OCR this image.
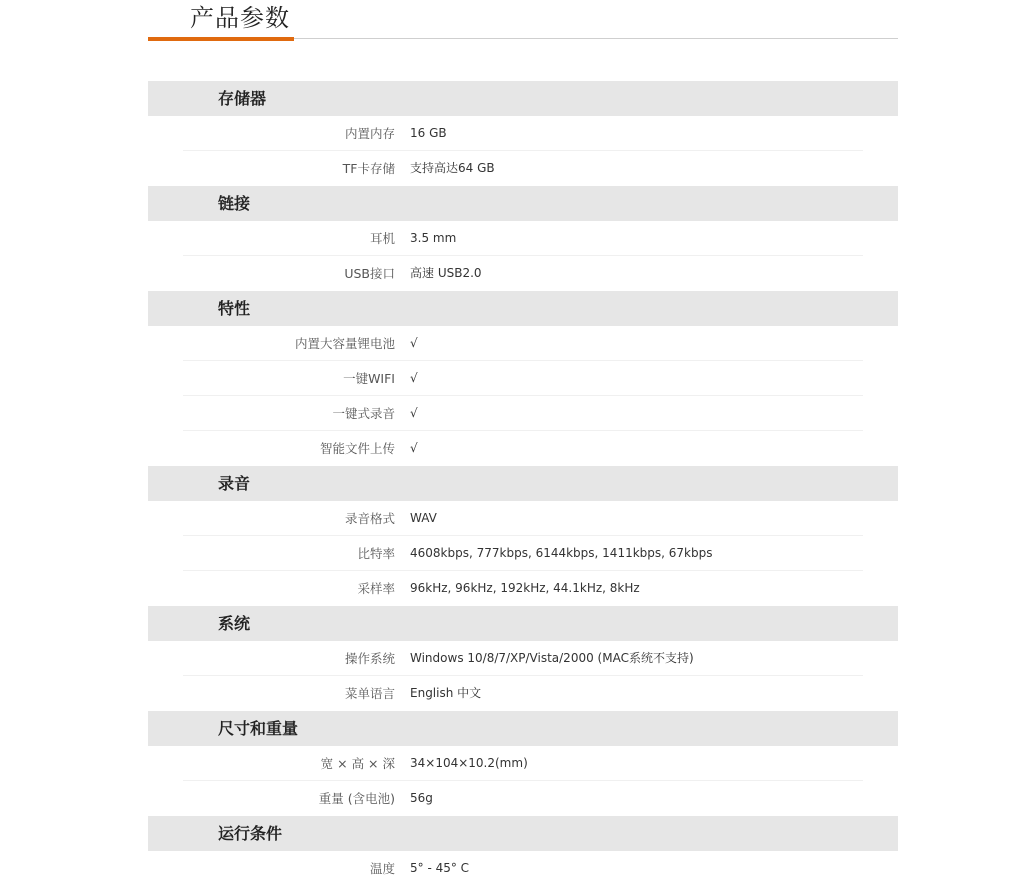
产品参数
存储器
内置内存 16 GB
TF卡存储 支持高达64 GB
链接
耳机 3.5 mm
USB接口 高速 USB2.0
特性
内置大容量锂电池 √
一键WIFI √
一键式录音 √
智能文件上传 √
录音
录音格式 WAV
比特率 4608kbps, 777kbps, 6144kbps, 1411kbps, 67kbps
采样率 96kHz, 96kHz, 192kHz, 44.1kHz, 8kHz
系统
操作系统 Windows 10/8/7/XP/Vista/2000 (MAC系统不支持)
菜单语言 English 中文
尺寸和重量
宽 × 高 × 深 34×104×10.2(mm)
重量 (含电池) 56g
运行条件
温度 5° - 45° C
